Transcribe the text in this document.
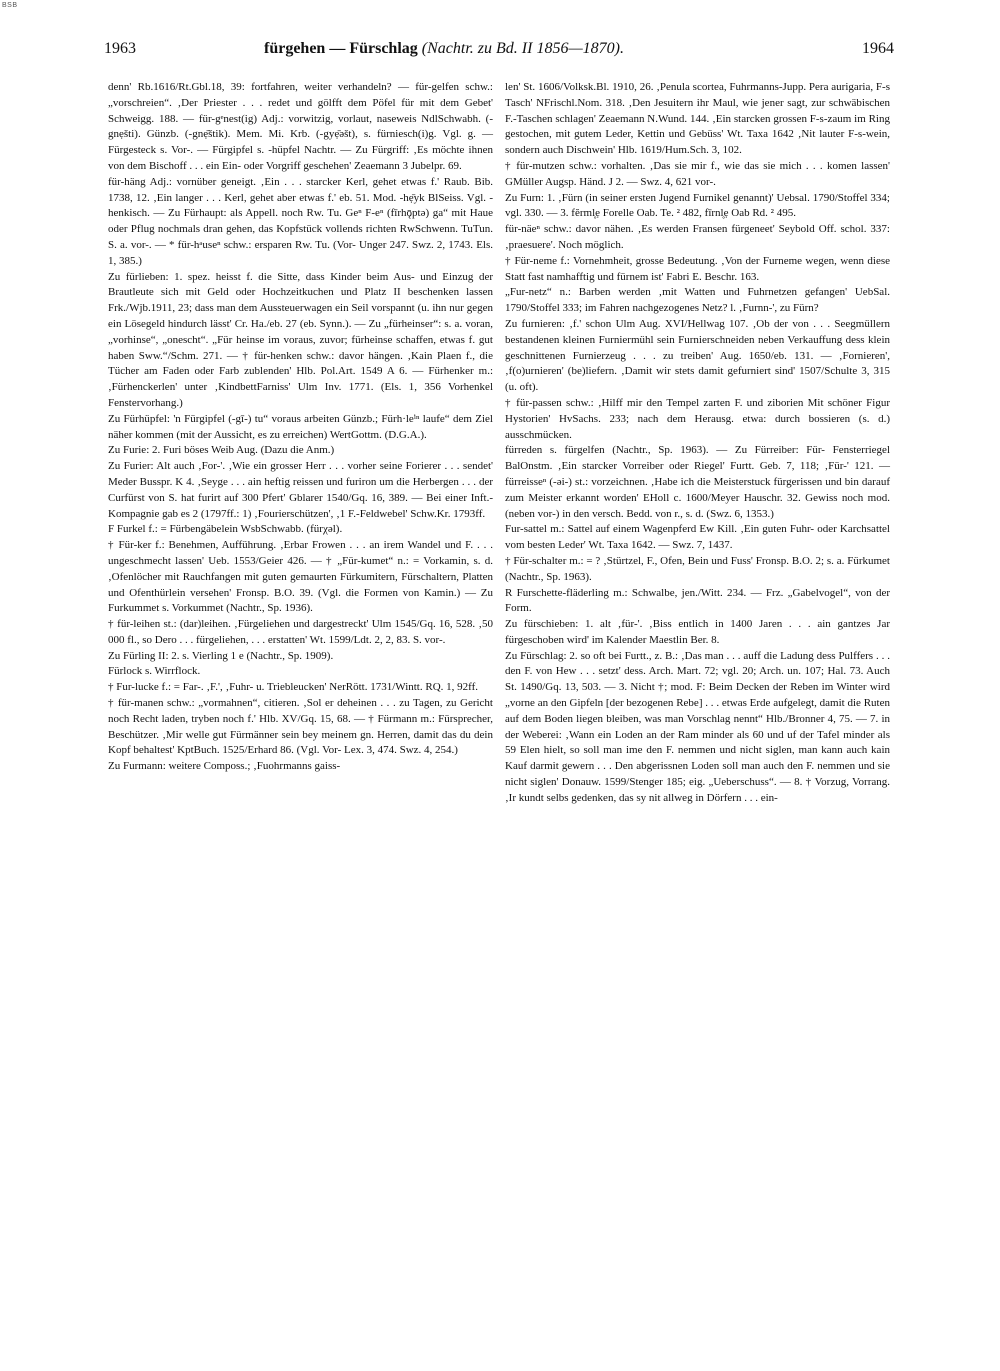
BSB
1963	fürgehen — Fürschlag (Nachtr. zu Bd. II 1856—1870).	1964

denn' Rb.1616/Rt.Gbl.18, 39: fortfahren, weiter verhandeln? — für-gelfen schw.: „vorschreien“. ‚Der Priester . . . redet und gölfft dem Pöfel für mit dem Gebet' Schweigg. 188. — für-gᵉnest(ig) Adj.: vorwitzig, vorlaut, naseweis NdlSchwabh. (-gnẹšti). Günzb. (-gnẹ̄štik). Mem. Mi. Krb. (-gyẹ̄əšt), s. fürniesch(i)g. Vgl. g. — Fürgesteck s. Vor-. — Fürgipfel s. -hüpfel Nachtr. — Zu Fürgriff: ‚Es möchte ihnen von dem Bischoff . . . ein Ein- oder Vorgriff geschehen' Zeaemann 3 Jubelpr. 69.

für-häng Adj.: vornüber geneigt. ‚Ein . . . starcker Kerl, gehet etwas f.' Raub. Bib. 1738, 12. ‚Ein langer . . . Kerl, gehet aber etwas f.' eb. 51. Mod. -hẹ̄yk BlSeiss. Vgl. -henkisch. — Zu Fürhaupt: als Appell. noch Rw. Tu. Geⁿ F-eⁿ (fīrhǭptə) ga“ mit Haue oder Pflug nochmals dran gehen, das Kopfstück vollends richten RwSchwenn. TuTun. S. a. vor-. — * für-hᵃuseⁿ schw.: ersparen Rw. Tu. (Vor- Unger 247. Swz. 2, 1743. Els. 1, 385.)

Zu fürlieben: 1. spez. heisst f. die Sitte, dass Kinder beim Aus- und Einzug der Brautleute sich mit Geld oder Hochzeitkuchen und Platz II beschenken lassen Frk./Wjb.1911, 23; dass man dem Aussteuerwagen ein Seil vorspannt (u. ihn nur gegen ein Lösegeld hindurch lässt' Cr. Ha./eb. 27 (eb. Synn.). — Zu „fürheinser“: s. a. voran, „vorhinse“, „onescht“. „Für heinse im voraus, zuvor; fürheinse schaffen, etwas f. gut haben Sww.“/Schm. 271. — † für-henken schw.: davor hängen. ‚Kain Plaen f., die Tücher am Faden oder Farb zublenden' Hlb. Pol.Art. 1549 A 6. — Fürhenker m.: ‚Fürhenckerlen' unter ‚KindbettFarniss' Ulm Inv. 1771. (Els. 1, 356 Vorhenkel Fenstervorhang.)

Zu Fürhüpfel: 'n Fürgipfel (-gī-) tu“ voraus arbeiten Günzb.; Fürh·leⁱⁿ laufe“ dem Ziel näher kommen (mit der Aussicht, es zu erreichen) WertGottm. (D.G.A.).

Zu Furie: 2. Furi böses Weib Aug. (Dazu die Anm.)

Zu Furier: Alt auch ‚For-'. ‚Wie ein grosser Herr . . . vorher seine Forierer . . . sendet' Meder Busspr. K 4. ‚Seyge . . . ain heftig reissen und furiron um die Herbergen . . . der Curfürst von S. hat furirt auf 300 Pfert' Gblarer 1540/Gq. 16, 389. — Bei einer Inft.-Kompagnie gab es 2 (1797ff.: 1) ‚Fourierschützen', ‚1 F.-Feldwebel' Schw.Kr. 1793ff.

F Furkel f.: = Fürbengäbelein WsbSchwabb. (fürχəl).

† Für-ker f.: Benehmen, Aufführung. ‚Erbar Frowen . . . an irem Wandel und F. . . . ungeschmecht lassen' Ueb. 1553/Geier 426. — † „Für-kumet“ n.: = Vorkamin, s. d. ‚Ofenlöcher mit Rauchfangen mit guten gemaurten Fürkumitern, Fürschaltern, Platten und Ofenthürlein versehen' Fronsp. B.O. 39. (Vgl. die Formen von Kamin.) — Zu Furkummet s. Vorkummet (Nachtr., Sp. 1936).

† für-leihen st.: (dar)leihen. ‚Fürgeliehen und dargestreckt' Ulm 1545/Gq. 16, 528. ‚50 000 fl., so Dero . . . fürgeliehen, . . . erstatten' Wt. 1599/Ldt. 2, 2, 83. S. vor-.

Zu Fürling II: 2. s. Vierling 1 e (Nachtr., Sp. 1909).

Fürlock s. Wirrflock.

† Fur-lucke f.: = Far-. ‚F.', ‚Fuhr- u. Triebleucken' NerRött. 1731/Wintt. RQ. 1, 92ff.

† für-manen schw.: „vormahnen“, citieren. ‚Sol er deheinen . . . zu Tagen, zu Gericht noch Recht laden, tryben noch f.' Hlb. XV/Gq. 15, 68. — † Fürmann m.: Fürsprecher, Beschützer. ‚Mir welle gut Fürmänner sein bey meinem gn. Herren, damit das du dein Kopf behaltest' KptBuch. 1525/Erhard 86. (Vgl. Vor- Lex. 3, 474. Swz. 4, 254.)

Zu Furmann: weitere Composs.; ‚Fuohrmanns gaiss-

len' St. 1606/Volksk.Bl. 1910, 26. ‚Penula scortea, Fuhrmanns-Jupp. Pera aurigaria, F-s Tasch' NFrischl.Nom. 318. ‚Den Jesuitern ihr Maul, wie jener sagt, zur schwäbischen F.-Taschen schlagen' Zeaemann N.Wund. 144. ‚Ein starcken grossen F-s-zaum im Ring gestochen, mit gutem Leder, Kettin und Gebüss' Wt. Taxa 1642 ‚Nit lauter F-s-wein, sondern auch Dischwein' Hlb. 1619/Hum.Sch. 3, 102.

† für-mutzen schw.: vorhalten. ‚Das sie mir f., wie das sie mich . . . komen lassen' GMüller Augsp. Händ. J 2. — Swz. 4, 621 vor-.

Zu Furn: 1. ‚Fürn (in seiner ersten Jugend Furnikel genannt)' Uebsal. 1790/Stoffel 334; vgl. 330. — 3. fĕrml̥ẹ Forelle Oab. Te. ² 482, fīrnl̥ẹ Oab Rd. ² 495.

für-näeⁿ schw.: davor nähen. ‚Es werden Fransen fürgeneet' Seybold Off. schol. 337: ‚praesuere'. Noch möglich.

† Für-neme f.: Vornehmheit, grosse Bedeutung. ‚Von der Furneme wegen, wenn diese Statt fast namhafftig und fürnem ist' Fabri E. Beschr. 163.

„Fur-netz“ n.: Barben werden ‚mit Watten und Fuhrnetzen gefangen' UebSal. 1790/Stoffel 333; im Fahren nachgezogenes Netz? l. ‚Furnn-', zu Fürn?

Zu furnieren: ‚f.' schon Ulm Aug. XVI/Hellwag 107. ‚Ob der von . . . Seegmüllern bestandenen kleinen Furniermühl sein Furnierschneiden neben Verkauffung dess klein geschnittenen Furnierzeug . . . zu treiben' Aug. 1650/eb. 131. — ‚Fornieren', ‚f(o)urnieren' (be)liefern. ‚Damit wir stets damit gefurniert sind' 1507/Schulte 3, 315 (u. oft).

† für-passen schw.: ‚Hilff mir den Tempel zarten F. und ziborien Mit schöner Figur Hystorien' HvSachs. 233; nach dem Herausg. etwa: durch bossieren (s. d.) ausschmücken.

fürreden s. fürgelfen (Nachtr., Sp. 1963). — Zu Fürreiber: Für- Fensterriegel BalOnstm. ‚Ein starcker Vorreiber oder Riegel' Furtt. Geb. 7, 118; ‚Für-' 121. — fürreisseⁿ (-əi-) st.: vorzeichnen. ‚Habe ich die Meisterstuck fürgerissen und bin darauf zum Meister erkannt worden' EHoll c. 1600/Meyer Hauschr. 32. Gewiss noch mod. (neben vor-) in den versch. Bedd. von r., s. d. (Swz. 6, 1353.)

Fur-sattel m.: Sattel auf einem Wagenpferd Ew Kill. ‚Ein guten Fuhr- oder Karchsattel vom besten Leder' Wt. Taxa 1642. — Swz. 7, 1437.

† Für-schalter m.: = ? ‚Stürtzel, F., Ofen, Bein und Fuss' Fronsp. B.O. 2; s. a. Fürkumet (Nachtr., Sp. 1963).

R Furschette-fläderling m.: Schwalbe, jen./Witt. 234. — Frz. „Gabelvogel“, von der Form.

Zu fürschieben: 1. alt ‚für-'. ‚Biss entlich in 1400 Jaren . . . ain gantzes Jar fürgeschoben wird' im Kalender Maestlin Ber. 8.

Zu Fürschlag: 2. so oft bei Furtt., z. B.: ‚Das man . . . auff die Ladung dess Pulffers . . . den F. von Hew . . . setzt' dess. Arch. Mart. 72; vgl. 20; Arch. un. 107; Hal. 73. Auch St. 1490/Gq. 13, 503. — 3. Nicht †; mod. F: Beim Decken der Reben im Winter wird „vorne an den Gipfeln [der bezogenen Rebe] . . . etwas Erde aufgelegt, damit die Ruten auf dem Boden liegen bleiben, was man Vorschlag nennt“ Hlb./Bronner 4, 75. — 7. in der Weberei: ‚Wann ein Loden an der Ram minder als 60 und uf der Tafel minder als 59 Elen hielt, so soll man ime den F. nemmen und nicht siglen, man kann auch kain Kauf darmit gewern . . . Den abgerissnen Loden soll man auch den F. nemmen und sie nicht siglen' Donauw. 1599/Stenger 185; eig. „Ueberschuss“. — 8. † Vorzug, Vorrang. ‚Ir kundt selbs gedenken, das sy nit allweg in Dörfern . . . ein-
